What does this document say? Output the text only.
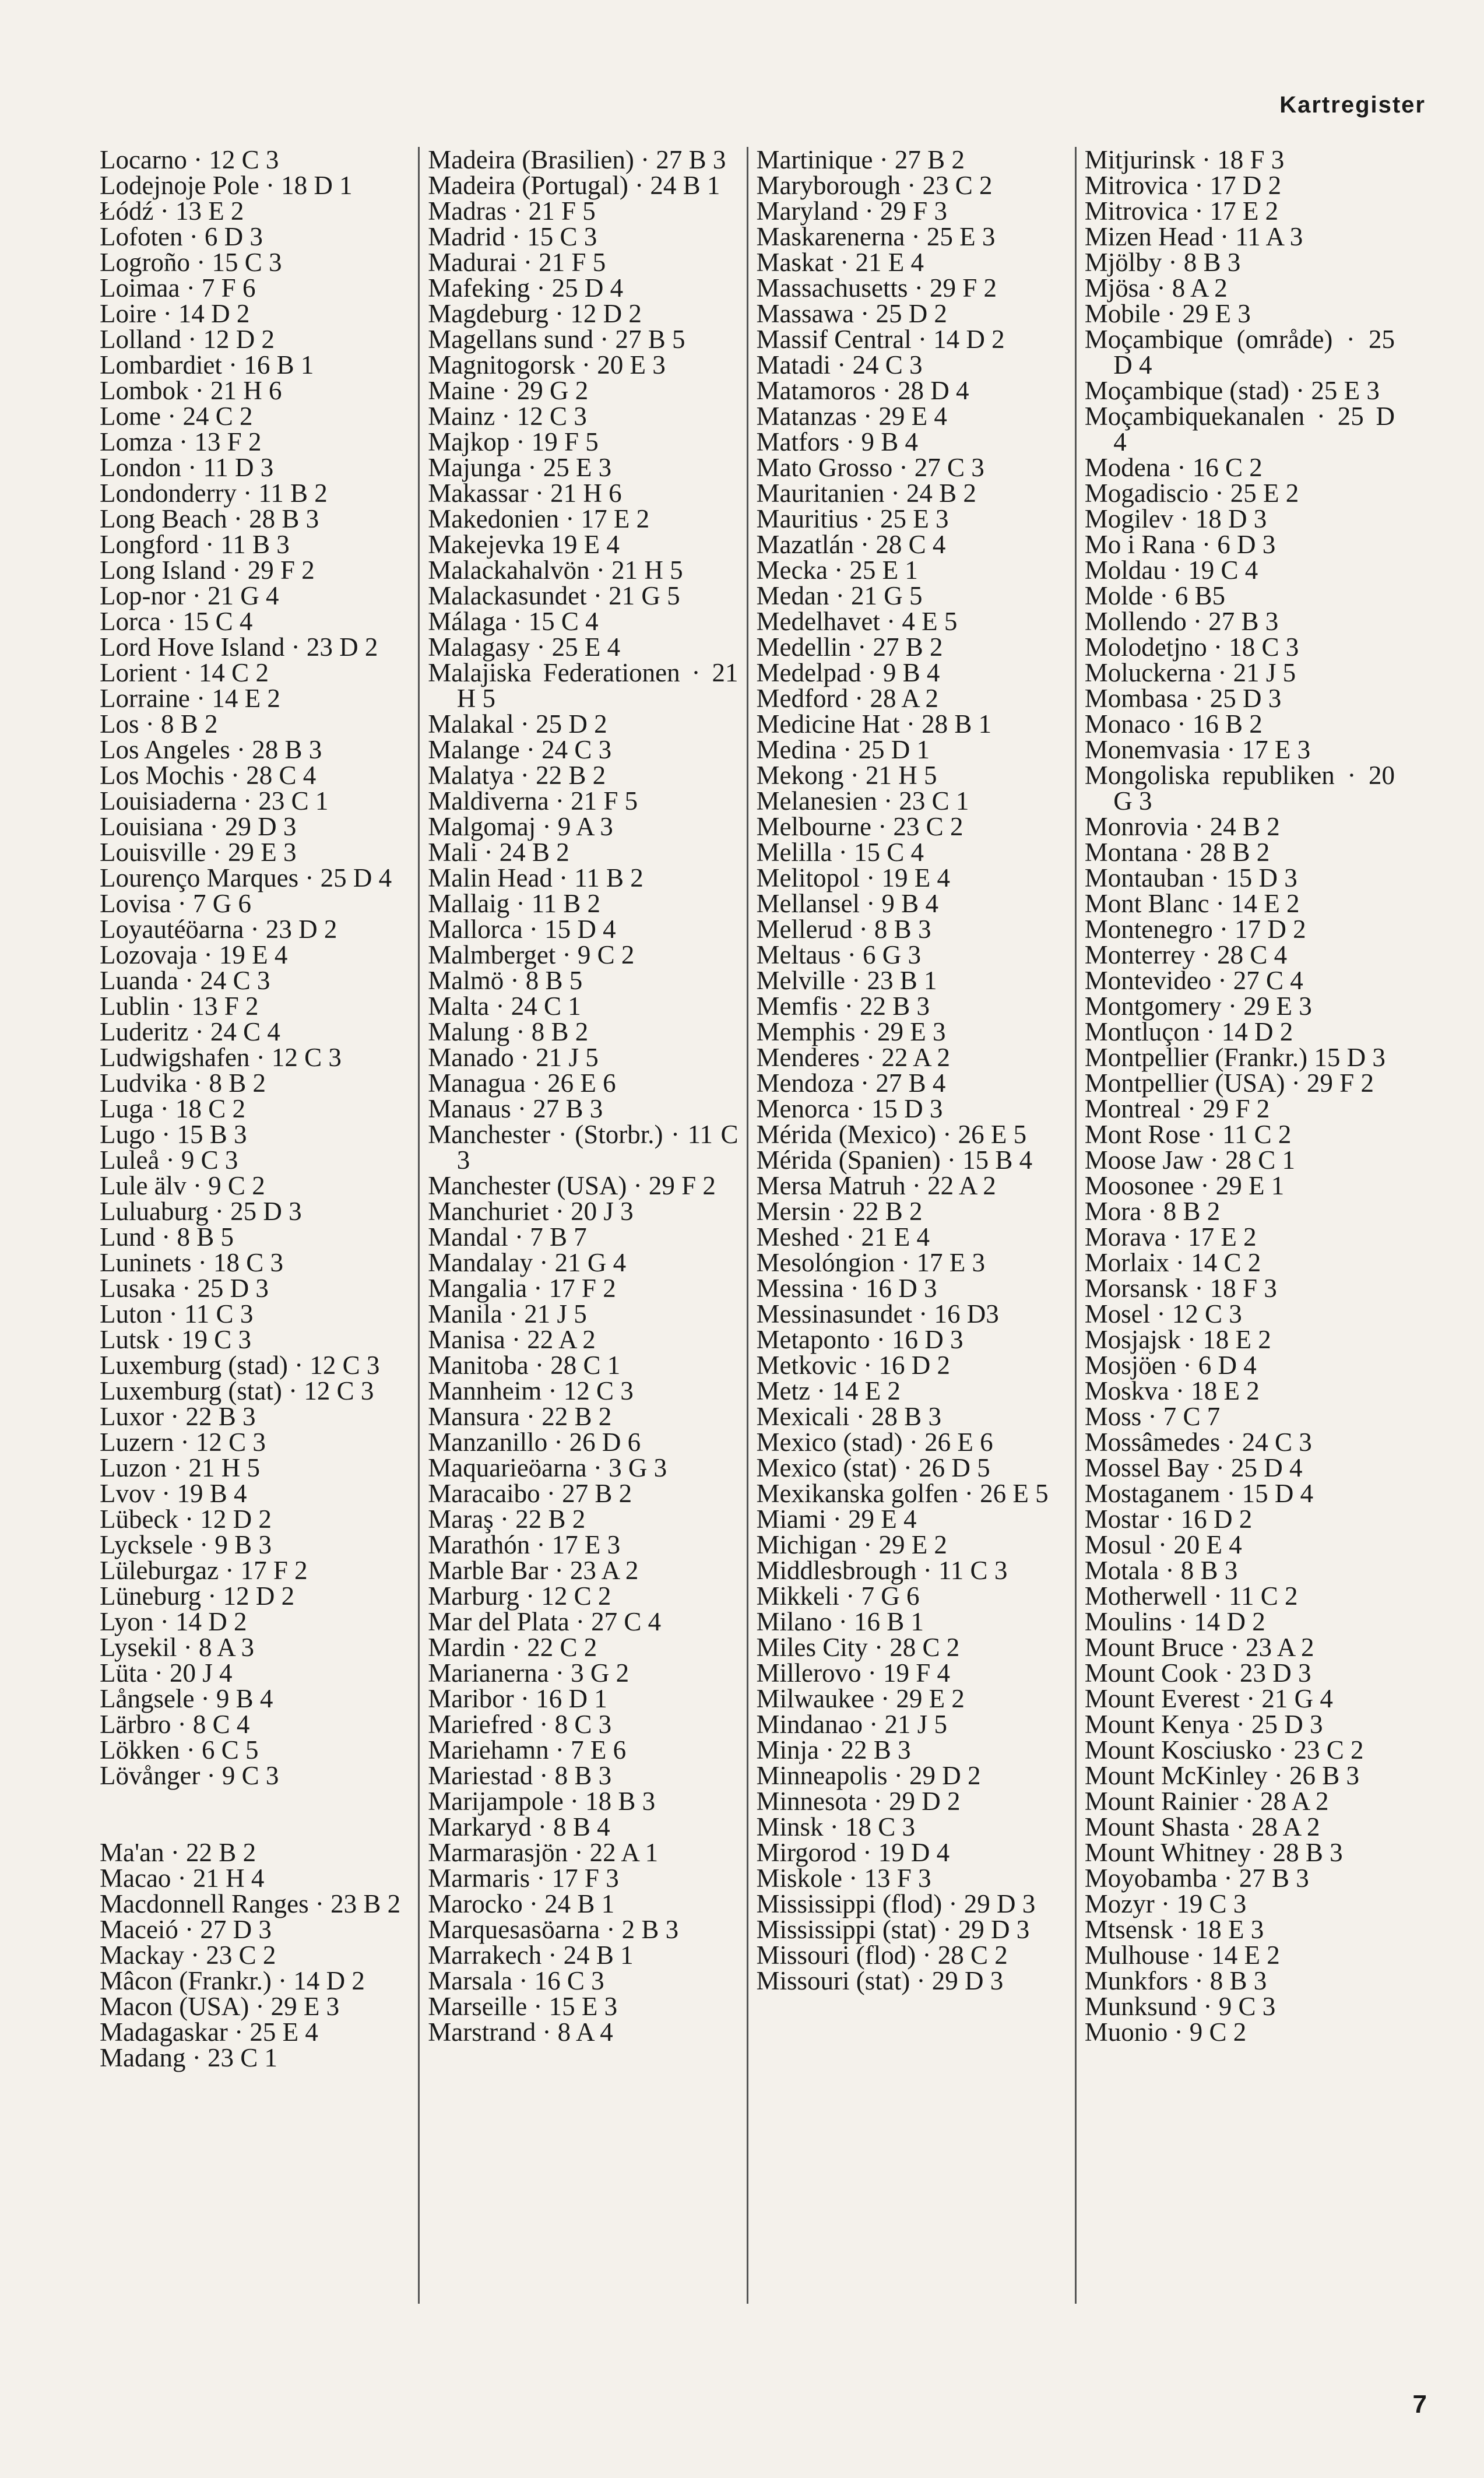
Kartregister
Locarno · 12 C 3
Lodejnoje Pole · 18 D 1
Łódź · 13 E 2
Lofoten · 6 D 3
Logroño · 15 C 3
Loimaa · 7 F 6
Loire · 14 D 2
Lolland · 12 D 2
Lombardiet · 16 B 1
Lombok · 21 H 6
Lome · 24 C 2
Lomza · 13 F 2
London · 11 D 3
Londonderry · 11 B 2
Long Beach · 28 B 3
Longford · 11 B 3
Long Island · 29 F 2
Lop-nor · 21 G 4
Lorca · 15 C 4
Lord Hove Island · 23 D 2
Lorient · 14 C 2
Lorraine · 14 E 2
Los · 8 B 2
Los Angeles · 28 B 3
Los Mochis · 28 C 4
Louisiaderna · 23 C 1
Louisiana · 29 D 3
Louisville · 29 E 3
Lourenço Marques · 25 D 4
Lovisa · 7 G 6
Loyautéöarna · 23 D 2
Lozovaja · 19 E 4
Luanda · 24 C 3
Lublin · 13 F 2
Luderitz · 24 C 4
Ludwigshafen · 12 C 3
Ludvika · 8 B 2
Luga · 18 C 2
Lugo · 15 B 3
Luleå · 9 C 3
Lule älv · 9 C 2
Luluaburg · 25 D 3
Lund · 8 B 5
Luninets · 18 C 3
Lusaka · 25 D 3
Luton · 11 C 3
Lutsk · 19 C 3
Luxemburg (stad) · 12 C 3
Luxemburg (stat) · 12 C 3
Luxor · 22 B 3
Luzern · 12 C 3
Luzon · 21 H 5
Lvov · 19 B 4
Lübeck · 12 D 2
Lycksele · 9 B 3
Lüleburgaz · 17 F 2
Lüneburg · 12 D 2
Lyon · 14 D 2
Lysekil · 8 A 3
Lüta · 20 J 4
Långsele · 9 B 4
Lärbro · 8 C 4
Lökken · 6 C 5
Lövånger · 9 C 3
Ma'an · 22 B 2
Macao · 21 H 4
Macdonnell Ranges · 23 B 2
Maceió · 27 D 3
Mackay · 23 C 2
Mâcon (Frankr.) · 14 D 2
Macon (USA) · 29 E 3
Madagaskar · 25 E 4
Madang · 23 C 1
Madeira (Brasilien) · 27 B 3
Madeira (Portugal) · 24 B 1
Madras · 21 F 5
Madrid · 15 C 3
Madurai · 21 F 5
Mafeking · 25 D 4
Magdeburg · 12 D 2
Magellans sund · 27 B 5
Magnitogorsk · 20 E 3
Maine · 29 G 2
Mainz · 12 C 3
Majkop · 19 F 5
Majunga · 25 E 3
Makassar · 21 H 6
Makedonien · 17 E 2
Makejevka 19 E 4
Malackahalvön · 21 H 5
Malackasundet · 21 G 5
Málaga · 15 C 4
Malagasy · 25 E 4
Malajiska Federationen · 21 H 5
Malakal · 25 D 2
Malange · 24 C 3
Malatya · 22 B 2
Maldiverna · 21 F 5
Malgomaj · 9 A 3
Mali · 24 B 2
Malin Head · 11 B 2
Mallaig · 11 B 2
Mallorca · 15 D 4
Malmberget · 9 C 2
Malmö · 8 B 5
Malta · 24 C 1
Malung · 8 B 2
Manado · 21 J 5
Managua · 26 E 6
Manaus · 27 B 3
Manchester · (Storbr.) · 11 C 3
Manchester (USA) · 29 F 2
Manchuriet · 20 J 3
Mandal · 7 B 7
Mandalay · 21 G 4
Mangalia · 17 F 2
Manila · 21 J 5
Manisa · 22 A 2
Manitoba · 28 C 1
Mannheim · 12 C 3
Mansura · 22 B 2
Manzanillo · 26 D 6
Maquarieöarna · 3 G 3
Maracaibo · 27 B 2
Maraş · 22 B 2
Marathón · 17 E 3
Marble Bar · 23 A 2
Marburg · 12 C 2
Mar del Plata · 27 C 4
Mardin · 22 C 2
Marianerna · 3 G 2
Maribor · 16 D 1
Mariefred · 8 C 3
Mariehamn · 7 E 6
Mariestad · 8 B 3
Marijampole · 18 B 3
Markaryd · 8 B 4
Marmarasjön · 22 A 1
Marmaris · 17 F 3
Marocko · 24 B 1
Marquesasöarna · 2 B 3
Marrakech · 24 B 1
Marsala · 16 C 3
Marseille · 15 E 3
Marstrand · 8 A 4
Martinique · 27 B 2
Maryborough · 23 C 2
Maryland · 29 F 3
Maskarenerna · 25 E 3
Maskat · 21 E 4
Massachusetts · 29 F 2
Massawa · 25 D 2
Massif Central · 14 D 2
Matadi · 24 C 3
Matamoros · 28 D 4
Matanzas · 29 E 4
Matfors · 9 B 4
Mato Grosso · 27 C 3
Mauritanien · 24 B 2
Mauritius · 25 E 3
Mazatlán · 28 C 4
Mecka · 25 E 1
Medan · 21 G 5
Medelhavet · 4 E 5
Medellin · 27 B 2
Medelpad · 9 B 4
Medford · 28 A 2
Medicine Hat · 28 B 1
Medina · 25 D 1
Mekong · 21 H 5
Melanesien · 23 C 1
Melbourne · 23 C 2
Melilla · 15 C 4
Melitopol · 19 E 4
Mellansel · 9 B 4
Mellerud · 8 B 3
Meltaus · 6 G 3
Melville · 23 B 1
Memfis · 22 B 3
Memphis · 29 E 3
Menderes · 22 A 2
Mendoza · 27 B 4
Menorca · 15 D 3
Mérida (Mexico) · 26 E 5
Mérida (Spanien) · 15 B 4
Mersa Matruh · 22 A 2
Mersin · 22 B 2
Meshed · 21 E 4
Mesolóngion · 17 E 3
Messina · 16 D 3
Messinasundet · 16 D3
Metaponto · 16 D 3
Metkovic · 16 D 2
Metz · 14 E 2
Mexicali · 28 B 3
Mexico (stad) · 26 E 6
Mexico (stat) · 26 D 5
Mexikanska golfen · 26 E 5
Miami · 29 E 4
Michigan · 29 E 2
Middlesbrough · 11 C 3
Mikkeli · 7 G 6
Milano · 16 B 1
Miles City · 28 C 2
Millerovo · 19 F 4
Milwaukee · 29 E 2
Mindanao · 21 J 5
Minja · 22 B 3
Minneapolis · 29 D 2
Minnesota · 29 D 2
Minsk · 18 C 3
Mirgorod · 19 D 4
Miskole · 13 F 3
Mississippi (flod) · 29 D 3
Mississippi (stat) · 29 D 3
Missouri (flod) · 28 C 2
Missouri (stat) · 29 D 3
Mitjurinsk · 18 F 3
Mitrovica · 17 D 2
Mitrovica · 17 E 2
Mizen Head · 11 A 3
Mjölby · 8 B 3
Mjösa · 8 A 2
Mobile · 29 E 3
Moçambique (område) · 25 D 4
Moçambique (stad) · 25 E 3
Moçambiquekanalen · 25 D 4
Modena · 16 C 2
Mogadiscio · 25 E 2
Mogilev · 18 D 3
Mo i Rana · 6 D 3
Moldau · 19 C 4
Molde · 6 B5
Mollendo · 27 B 3
Molodetjno · 18 C 3
Moluckerna · 21 J 5
Mombasa · 25 D 3
Monaco · 16 B 2
Monemvasia · 17 E 3
Mongoliska republiken · 20 G 3
Monrovia · 24 B 2
Montana · 28 B 2
Montauban · 15 D 3
Mont Blanc · 14 E 2
Montenegro · 17 D 2
Monterrey · 28 C 4
Montevideo · 27 C 4
Montgomery · 29 E 3
Montluçon · 14 D 2
Montpellier (Frankr.) 15 D 3
Montpellier (USA) · 29 F 2
Montreal · 29 F 2
Mont Rose · 11 C 2
Moose Jaw · 28 C 1
Moosonee · 29 E 1
Mora · 8 B 2
Morava · 17 E 2
Morlaix · 14 C 2
Morsansk · 18 F 3
Mosel · 12 C 3
Mosjajsk · 18 E 2
Mosjöen · 6 D 4
Moskva · 18 E 2
Moss · 7 C 7
Mossâmedes · 24 C 3
Mossel Bay · 25 D 4
Mostaganem · 15 D 4
Mostar · 16 D 2
Mosul · 20 E 4
Motala · 8 B 3
Motherwell · 11 C 2
Moulins · 14 D 2
Mount Bruce · 23 A 2
Mount Cook · 23 D 3
Mount Everest · 21 G 4
Mount Kenya · 25 D 3
Mount Kosciusko · 23 C 2
Mount McKinley · 26 B 3
Mount Rainier · 28 A 2
Mount Shasta · 28 A 2
Mount Whitney · 28 B 3
Moyobamba · 27 B 3
Mozyr · 19 C 3
Mtsensk · 18 E 3
Mulhouse · 14 E 2
Munkfors · 8 B 3
Munksund · 9 C 3
Muonio · 9 C 2
7
